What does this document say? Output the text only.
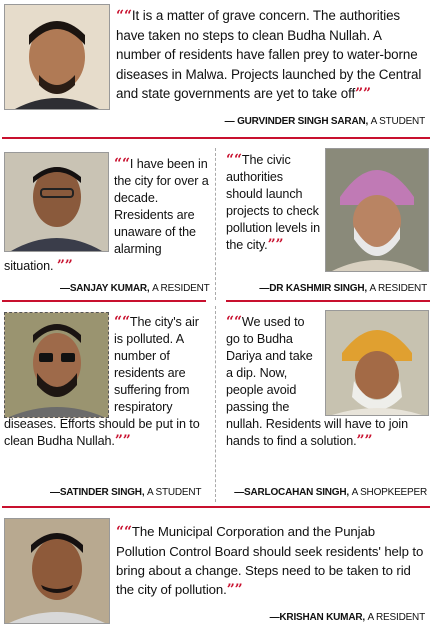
““It is a matter of grave concern. The authorities have taken no steps to clean Budha Nullah. A number of residents have fallen prey to water-borne diseases in Malwa. Projects launched by the Central and state governments are yet to take off””
— GURVINDER SINGH SARAN, A STUDENT
““I have been in the city for over a decade. Rresidents are unaware of the alarming situation. ””
—SANJAY KUMAR, A RESIDENT
““The civic authorities should launch projects to check pollution levels in the city.””
—DR KASHMIR SINGH, A RESIDENT
““The city's air is polluted. A number of residents are suffering from respiratory diseases. Efforts should be put in to clean Budha Nullah.””
—SATINDER SINGH, A STUDENT
““We used to go to Budha Dariya and take a dip. Now, people avoid passing the nullah. Residents will have to join hands to find a solution.””
—SARLOCAHAN SINGH, A SHOPKEEPER
““The Municipal Corporation and the Punjab Pollution Control Board should seek residents' help to bring about a change. Steps need to be taken to rid the city of pollution.””
—KRISHAN KUMAR, A RESIDENT
